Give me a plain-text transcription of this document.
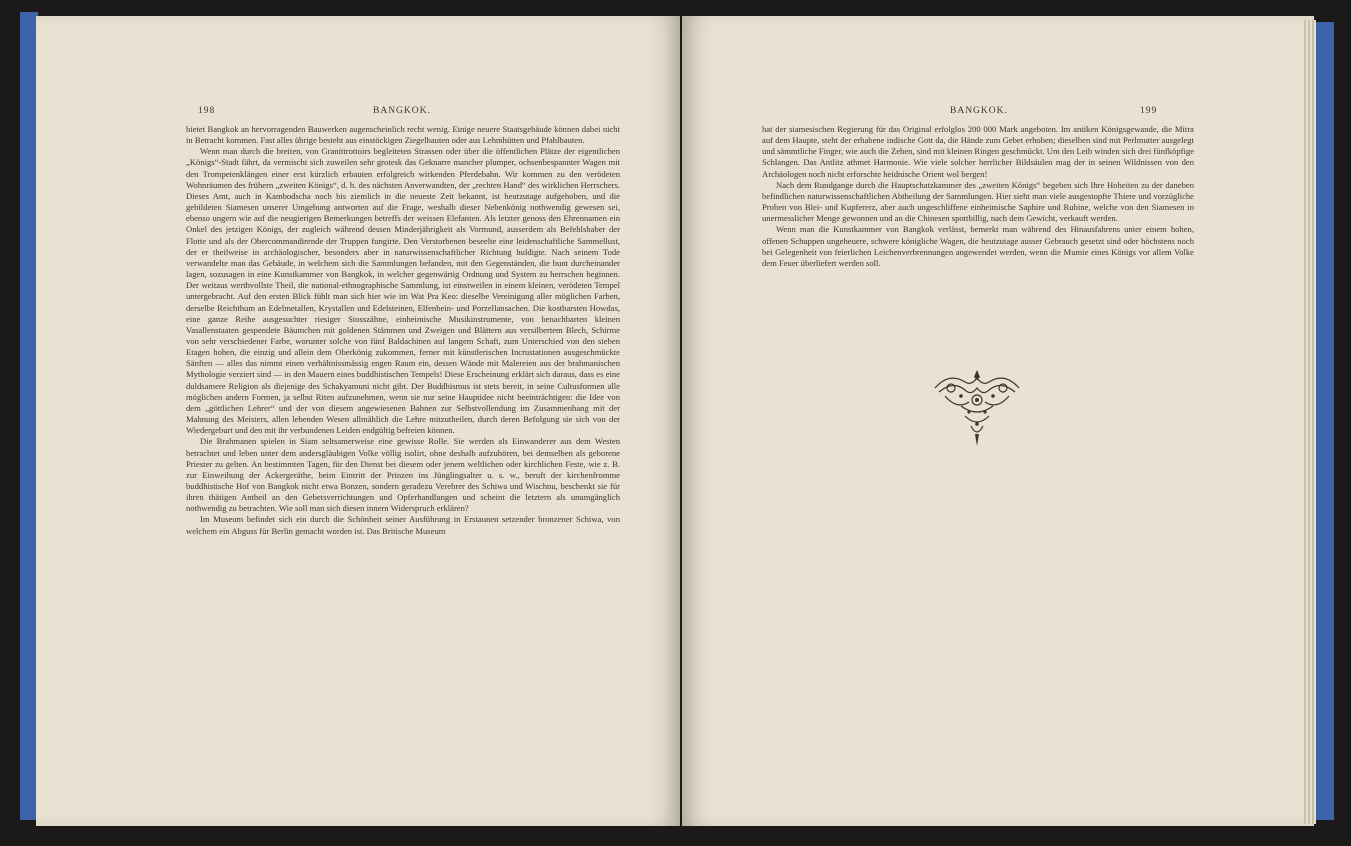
198	BANGKOK.

bietet Bangkok an hervorragenden Bauwerken augenscheinlich recht wenig. Einige neuere Staatsgebäude können dabei nicht in Betracht kommen. Fast alles übrige besteht aus einstöckigen Ziegelbauten oder aus Lehmhütten und Pfahlbauten.

Wenn man durch die breiten, von Granittrottoirs begleiteten Strassen oder über die öffentlichen Plätze der eigentlichen „Königs“-Stadt fährt, da vermischt sich zuweilen sehr grotesk das Geknarre mancher plumper, ochsenbespannter Wagen mit den Trompetenklängen einer erst kürzlich erbauten erfolgreich wirkenden Pferdebahn. Wir kommen zu den verödeten Wohnräumen des frühern „zweiten Königs“, d. h. des nächsten Anverwandten, der „rechten Hand“ des wirklichen Herrschers. Dieses Amt, auch in Kambodscha noch bis ziemlich in die neueste Zeit bekannt, ist heutzutage aufgehoben, und die gebildeten Siamesen unserer Umgebung antworten auf die Frage, weshalb dieser Nebenkönig nothwendig gewesen sei, ebenso ungern wie auf die neugierigen Bemerkungen betreffs der weissen Elefanten. Als letzter genoss den Ehrennamen ein Onkel des jetzigen Königs, der zugleich während dessen Minderjährigkeit als Vormund, ausserdem als Befehlshaber der Flotte und als der Obercommandirende der Truppen fungirte. Den Verstorbenen beseelte eine leidenschaftliche Sammellust, der er theilweise in archäologischer, besonders aber in naturwissenschaftlicher Richtung huldigte. Nach seinem Tode verwandelte man das Gebäude, in welchem sich die Sammlungen befanden, mit den Gegenständen, die bunt durcheinander lagen, sozusagen in eine Kunstkammer von Bangkok, in welcher gegenwärtig Ordnung und System zu herrschen beginnen. Der weitaus werthvollste Theil, die national-ethnographische Sammlung, ist einstweilen in einem kleinen, verödeten Tempel untergebracht. Auf den ersten Blick fühlt man sich hier wie im Wat Pra Keo: dieselbe Vereinigung aller möglichen Farben, derselbe Reichthum an Edelmetallen, Krystallen und Edelsteinen, Elfenbein- und Porzellansachen. Die kostbarsten Howdas, eine ganze Reihe ausgesuchter riesiger Stosszähne, einheimische Musikinstrumente, von benachbarten kleinen Vasallenstaaten gespendete Bäumchen mit goldenen Stämmen und Zweigen und Blättern aus versilbertem Blech, Schirme von sehr verschiedener Farbe, worunter solche von fünf Baldachinen auf langem Schaft, zum Unterschied von den sieben Etagen hohen, die einzig und allein dem Oberkönig zukommen, ferner mit künstlerischen Incrustationen ausgeschmückte Sänften — alles das nimmt einen verhältnissmässig engen Raum ein, dessen Wände mit Malereien aus der brahmanischen Mythologie verziert sind — in den Mauern eines buddhistischen Tempels! Diese Erscheinung erklärt sich daraus, dass es eine duldsamere Religion als diejenige des Schakyamuni nicht gibt. Der Buddhismus ist stets bereit, in seine Cultusformen alle möglichen andern Formen, ja selbst Riten aufzunehmen, wenn sie nur seine Hauptidee nicht beeinträchtigen: die Idee von dem „göttlichen Lehrer“ und der von diesem angewiesenen Bahnen zur Selbstvollendung im Zusammenhang mit der Mahnung des Meisters, allen lebenden Wesen allmählich die Lehre mitzutheilen, durch deren Befolgung sie sich von der Wiedergeburt und den mit ihr verbundenen Leiden endgültig befreien können.

Die Brahmanen spielen in Siam seltsamerweise eine gewisse Rolle. Sie werden als Einwanderer aus dem Westen betrachtet und leben unter dem andersgläubigen Volke völlig isolirt, ohne deshalb aufzuhören, bei demselben als geborene Priester zu gelten. An bestimmten Tagen, für den Dienst bei diesem oder jenem weltlichen oder kirchlichen Feste, wie z. B. zur Einweihung der Ackergeräthe, beim Eintritt der Prinzen ins Jünglingsalter u. s. w., beruft der kirchenfromme buddhistische Hof von Bangkok nicht etwa Bonzen, sondern geradezu Verehrer des Schiwa und Wischnu, beschenkt sie für ihren thätigen Antheil an den Gebetsverrichtungen und Opferhandlungen und scheint die letztern als unumgänglich nothwendig zu betrachten. Wie soll man sich diesen innern Widerspruch erklären?

Im Museum befindet sich ein durch die Schönheit seiner Ausführung in Erstaunen setzender bronzener Schiwa, von welchem ein Abguss für Berlin gemacht worden ist. Das Britische Museum

BANGKOK.	199

hat der siamesischen Regierung für das Original erfolglos 200 000 Mark angeboten. Im antiken Königsgewande, die Mitra auf dem Haupte, steht der erhabene indische Gott da, die Hände zum Gebet erhoben; dieselben sind mit Perlmutter ausgelegt und sämmtliche Finger, wie auch die Zehen, sind mit kleinen Ringen geschmückt. Um den Leib winden sich drei fünfköpfige Schlangen. Das Antlitz athmet Harmonie. Wie viele solcher herrlicher Bildsäulen mag der in seinen Wildnissen von den Archäologen noch nicht erforschte heidnische Orient wol bergen!

Nach dem Rundgange durch die Hauptschatzkammer des „zweiten Königs“ begeben sich Ihre Hoheiten zu der daneben befindlichen naturwissenschaftlichen Abtheilung der Sammlungen. Hier sieht man viele ausgestopfte Thiere und vorzügliche Proben von Blei- und Kupfererz, aber auch ungeschliffene einheimische Saphire und Rubine, welche von den Siamesen in unermesslicher Menge gewonnen und an die Chinesen spottbillig, nach dem Gewicht, verkauft werden.

Wenn man die Kunstkammer von Bangkok verlässt, bemerkt man während des Hinausfahrens unter einem hohen, offenen Schuppen ungeheuere, schwere königliche Wagen, die heutzutage ausser Gebrauch gesetzt sind oder höchstens noch bei Gelegenheit von feierlichen Leichenverbrennungen angewendet werden, wenn die Mumie eines Königs vor allem Volke dem Feuer überliefert werden soll.
